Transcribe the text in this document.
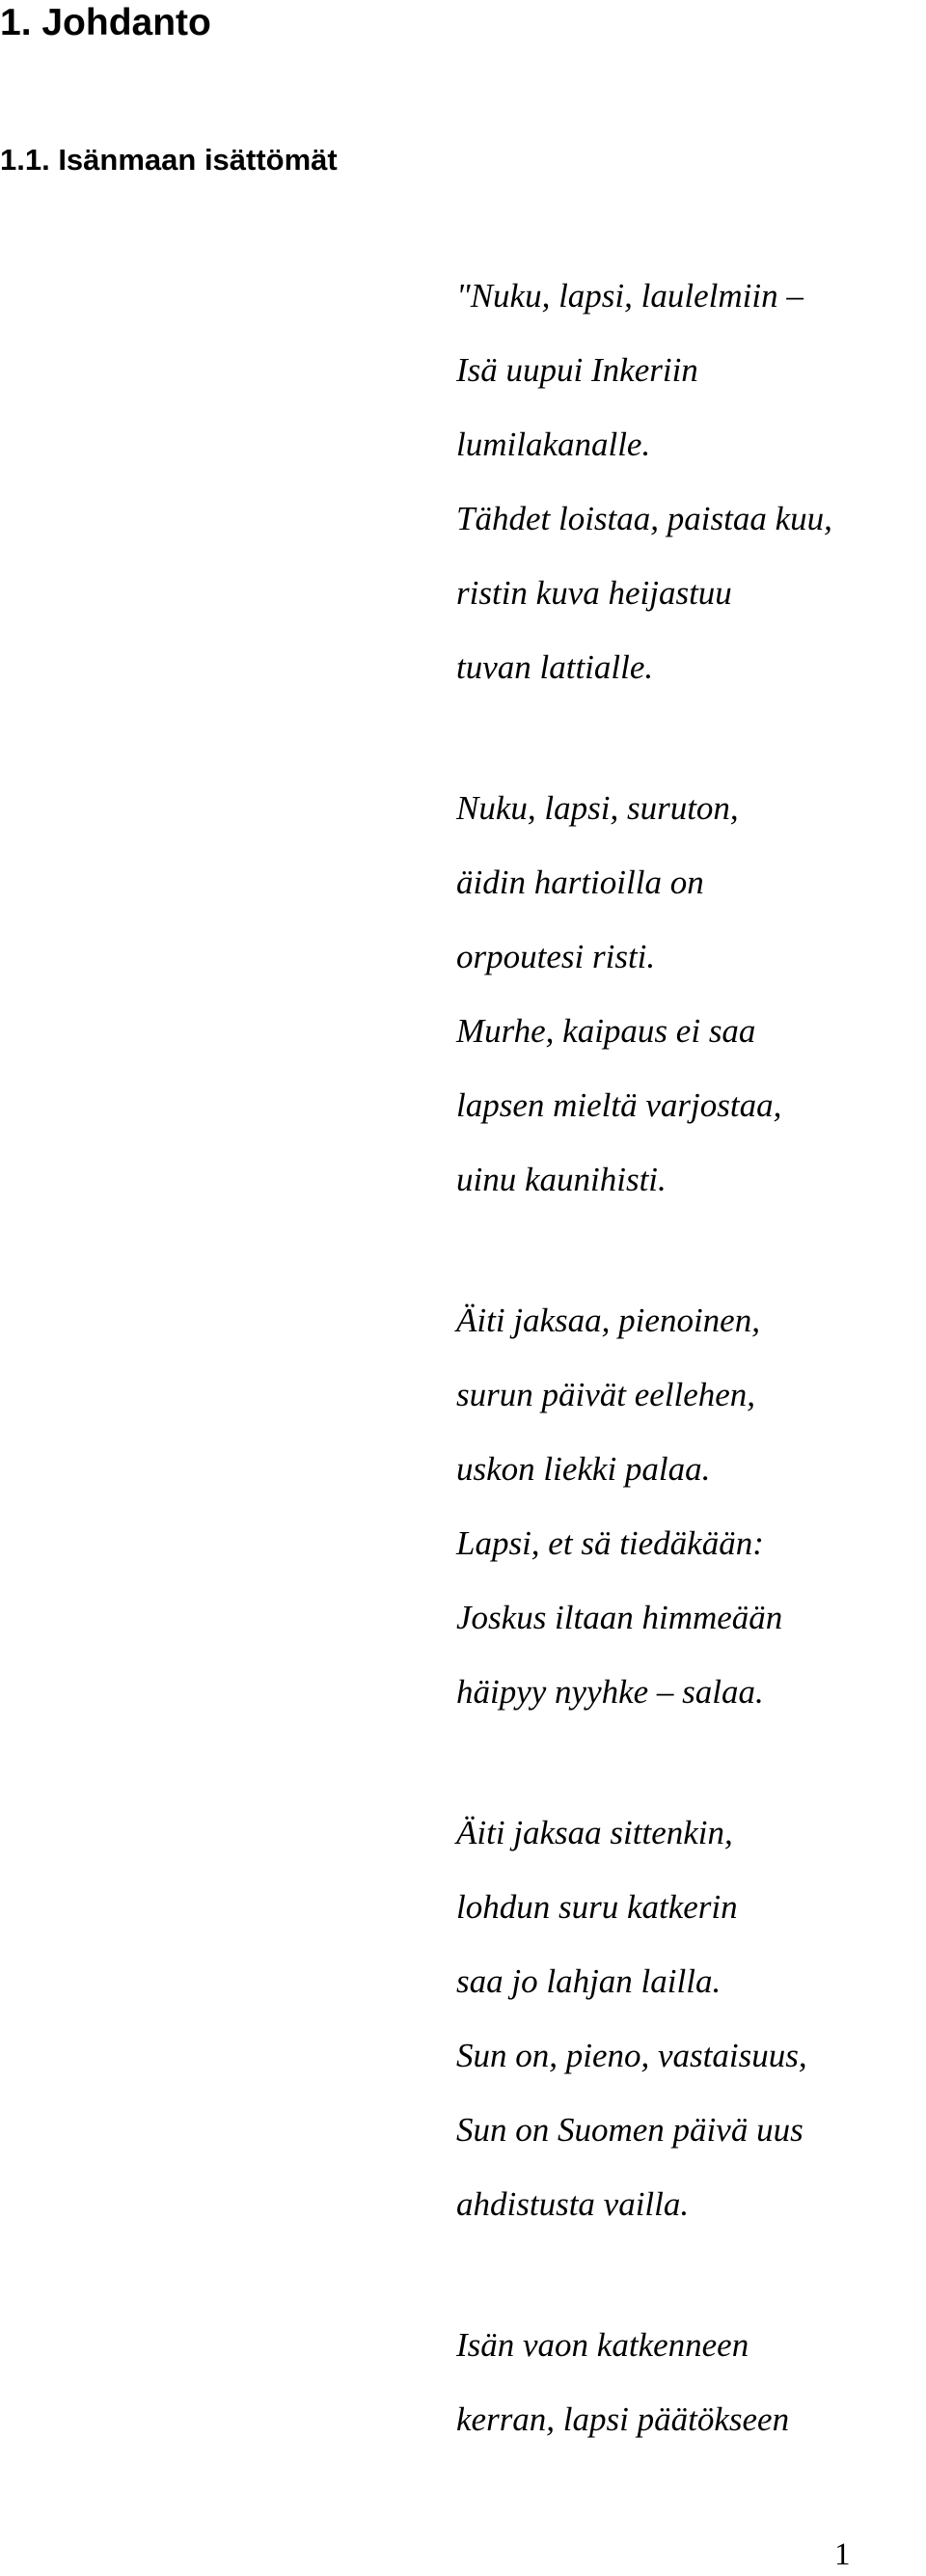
1. Johdanto
1.1. Isänmaan isättömät
"Nuku, lapsi, laulelmiin –
Isä uupui Inkeriin
lumilakanalle.
Tähdet loistaa, paistaa kuu,
ristin kuva heijastuu
tuvan lattialle.
Nuku, lapsi, suruton,
äidin hartioilla on
orpoutesi risti.
Murhe, kaipaus ei saa
lapsen mieltä varjostaa,
uinu kaunihisti.
Äiti jaksaa, pienoinen,
surun päivät eellehen,
uskon liekki palaa.
Lapsi, et sä tiedäkään:
Joskus iltaan himmeään
häipyy nyyhke – salaa.
Äiti jaksaa sittenkin,
lohdun suru katkerin
saa jo lahjan lailla.
Sun on, pieno, vastaisuus,
Sun on Suomen päivä uus
ahdistusta vailla.
Isän vaon katkenneen
kerran, lapsi päätökseen
1
